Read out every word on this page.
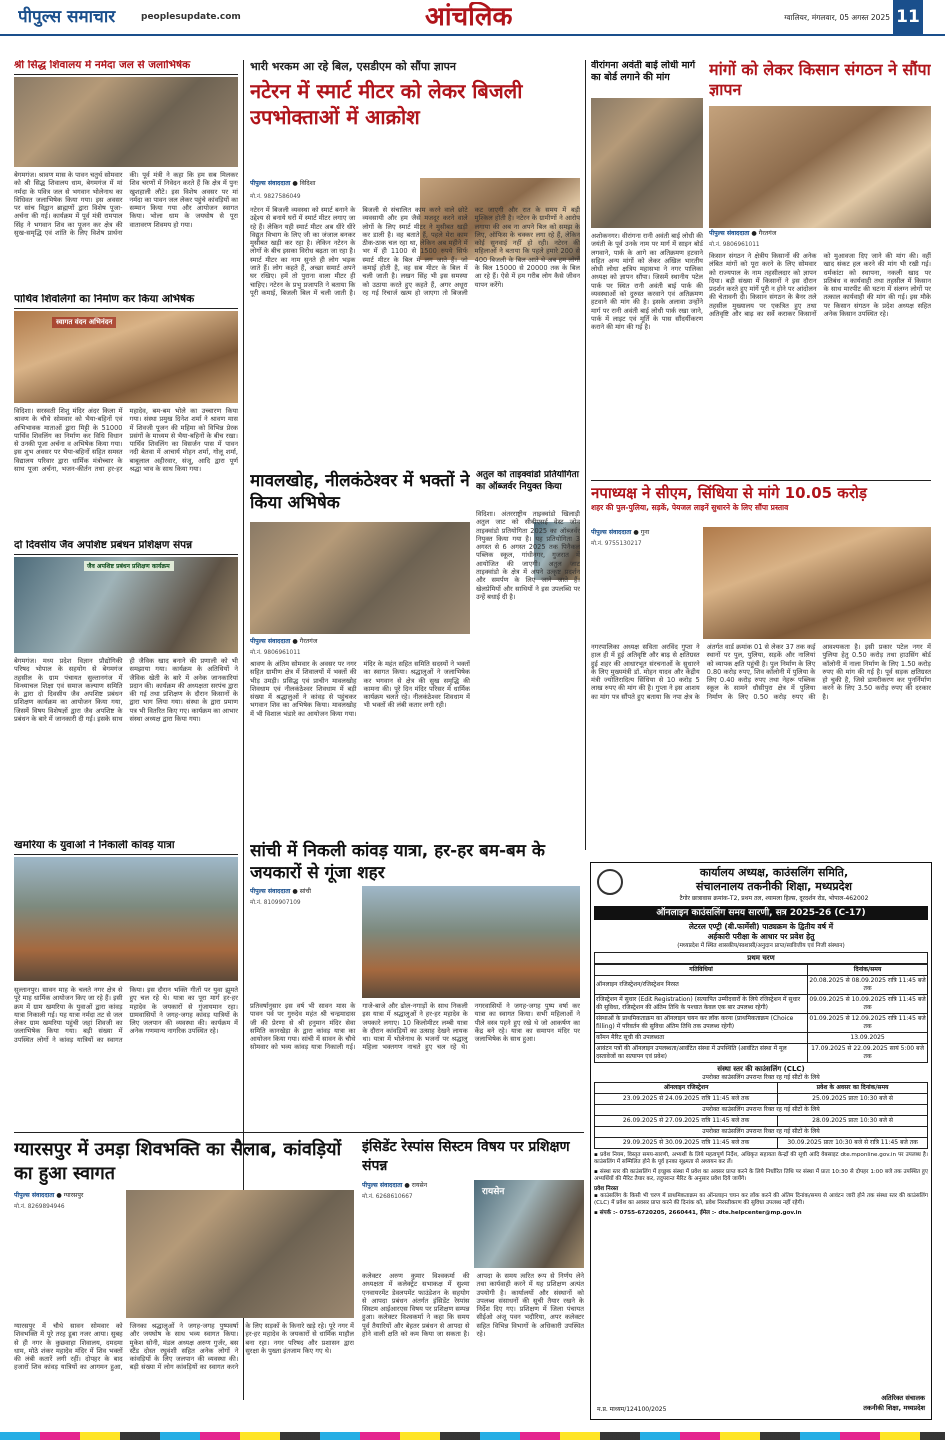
पीपुल्स समाचार	peoplesupdate.com	आंचलिक	ग्वालियर, मंगलवार, 05 अगस्त 2025 11
श्री सिद्ध शिवालय में नर्मदा जल से जलाभिषेक
बेगमगंज। श्रावण मास के पावन चतुर्थ सोमवार को श्री सिद्ध शिवालय धाम, बेगमगंज में मां नर्मदा के पवित्र जल से भगवान भोलेनाथ का विधिवत जलाभिषेक किया गया। इस अवसर पर सांच विद्वान ब्राह्मणों द्वारा विशेष पूजा-अर्चना की गई। कार्यक्रम में पूर्व मंत्री रामपाल सिंह ने भगवान शिव का पूजन कर क्षेत्र की सुख-समृद्धि एवं शांति के लिए विशेष प्रार्थना की। पूर्व मंत्री ने कहा कि हम सब मिलकर शिव चरणों में निवेदन करते हैं कि क्षेत्र में पुनः खुशहाली लौटे। इस विशेष अवसर पर मां नर्मदा का पावन जल लेकर पहुंचे कांवड़ियों का सम्मान किया गया और आयोजन स्वागत किया। भोला धाम के जयघोष से पूरा वातावरण शिवमय हो गया।
पार्थिव शिवलिंगों का निर्माण कर किया अभिषेक
स्वागत वंदन अभिनंदन
विदिशा। सरस्वती शिशु मंदिर अंदर किला में श्रावण के चौथे सोमवार को भैया-बहिनों एवं अभिभावक माताओं द्वारा मिट्टी के 51000 पार्थिव शिवलिंग का निर्माण कर विधि विधान से उनकी पूजा अर्चना व अभिषेक किया गया। इस शुभ अवसर पर भैया-बहिनों सहित समस्त विद्यालय परिवार द्वारा धार्मिक मंत्रोच्चार के साथ पूजा अर्चना, भजन-कीर्तन तथा हर-हर महादेव, बम-बम भोले का उच्चारण किया गया। संस्था प्रमुख दिनेश शर्मा ने श्रावण मास में शिवजी पूजन की महिमा को विभिन्न प्रेरक प्रसंगों के माध्यम से भैया-बहिनों के बीच रखा। पार्थिव शिवलिंग का विसर्जन पास में पावन नदी बेतवा में आचार्य मोहन शर्मा, गोलू शर्मा, बाबूलाल अहीरवार, संजू, आदि द्वारा पूर्ण श्रद्धा भाव के साथ किया गया।
दो दिवसीय जैव अपशिष्ट प्रबंधन प्रशिक्षण संपन्न
जैव अपशिष्ट प्रबंधन प्रशिक्षण कार्यक्रम
बेगमगंज। मध्य प्रदेश विज्ञान प्रौद्योगिकी परिषद भोपाल के सहयोग से बेगमगंज तहसील के ग्राम पंचायत सुल्तानगंज में विन्ध्याचल शिक्षा एवं समाज कल्याण समिति के द्वारा दो दिवसीय जैव अपशिष्ट प्रबंधन प्रशिक्षण कार्यक्रम का आयोजन किया गया, जिसमें विषय विशेषज्ञों द्वारा जैव अपशिष्ट के प्रबंधन के बारे में जानकारी दी गई। इसके साथ ही जैविक खाद बनाने की प्रणाली को भी समझाया गया। कार्यक्रम के अतिथियों ने जैविक खेती के बारे में अनेक जानकारियां प्रदान की। कार्यक्रम की अध्यक्षता सरपंच द्वारा की गई तथा प्रशिक्षण के दौरान किसानों के द्वारा भाग लिया गया। संस्था के द्वारा प्रमाण पत्र भी वितरित किए गए। कार्यक्रम का आभार संस्था अध्यक्ष द्वारा किया गया।
खमरिया के युवाओं ने निकाली कांवड़ यात्रा
सुल्तानपुर। सावन माह के चलते नगर क्षेत्र से पूरे माह धार्मिक आयोजन किए जा रहे हैं। इसी क्रम में ग्राम खमरिया के युवाओं द्वारा कांवड़ यात्रा निकाली गई। यह यात्रा नर्मदा तट से जल लेकर ग्राम खमरिया पहुंची जहां शिवजी का जलाभिषेक किया गया। बड़ी संख्या में उपस्थित लोगों ने कांवड़ यात्रियों का स्वागत किया। इस दौरान भक्ति गीतों पर युवा झूमते हुए चल रहे थे। यात्रा का पूरा मार्ग हर-हर महादेव के जयकारों से गुंजायमान रहा। ग्रामवासियों ने जगह-जगह कांवड़ यात्रियों के लिए जलपान की व्यवस्था की। कार्यक्रम में अनेक गणमान्य नागरिक उपस्थित रहे।
भारी भरकम आ रहे बिल, एसडीएम को सौंपा ज्ञापन
नटेरन में स्मार्ट मीटर को लेकर बिजली उपभोक्ताओं में आक्रोश
पीपुल्स संवाददाता ● विदिशा
मो.नं. 9827586049
नटेरन में बिजली व्यवस्था को स्मार्ट बनाने के उद्देश्य से बनाये घरों में स्मार्ट मीटर लगाए जा रहे हैं। लेकिन यही स्मार्ट मीटर अब धीरे धीरे विद्युत विभाग के लिए जी का जंजाल बनकर मुसीबत खड़ी कर रहा है। लेकिन नटेरन के लोगों के बीच इसका विरोध बढ़ता जा रहा है। स्मार्ट मीटर का नाम सुनते ही लोग भड़क जाते हैं। लोग कहते हैं, अच्छा समार्ट अपने घर रखिए। हमें तो पुराना वाला मीटर ही चाहिए। नटेरन के प्रभु प्रजापति ने बताया कि पूरी कमाई, बिजली बिल में चली जाती है। बिजली से संचालित काम करने वाले छोटे व्यवसायी और हम जैसे मजदूर करने वाले लोगों के लिए स्मार्ट मीटर ने मुसीबत खड़ी कर डाली है। वह बताते हैं, पहले मेरा काम ठीक-ठाक चल रहा था, लेकिन अब महीने में भर में ही 1100 से 1500 रुपये सिर्फ स्मार्ट मीटर के बिल में लग जाते हैं। जो कमाई होती है, वह सब मीटर के बिल में चली जाती है। लखन सिंह भी इस समस्या को उठाया करते हुए कहते हैं, अगर अधूरा रह गई रिचार्ज खत्म हो जाएगा तो बिजली कट जाएगी और रात के समय में बड़ी मुश्किल होती है। नटेरन के ग्रामीणों ने आरोप लगाया की अब ना अपने बिल को समझ के लिए, ऑफिस के चक्कर लगा रहे हैं, लेकिन कोई सुनवाई नहीं हो रही। नटेरन की महिलाओं ने बताया कि पहले हमारे 200 से 400 बिजली के बिल आते थे अब हम लोगों के बिल 15000 से 20000 तक के बिल आ रहे हैं। ऐसे में हम गरीब लोग कैसे जीवन यापन करेंगे।
मावलखोह, नीलकंठेश्वर में भक्तों ने किया अभिषेक
पीपुल्स संवाददाता ● गैरतगंज
मो.नं. 9806961011
श्रावण के अंतिम सोमवार के अवसर पर नगर सहित ग्रामीण क्षेत्र में शिवालयों में भक्तों की भीड़ उमड़ी। प्रसिद्ध एवं प्राचीन मावलखोह शिवधाम एवं नीलकंठेश्वर शिवधाम में बड़ी संख्या में श्रद्धालुओं ने कांवड़ से पहुंचकर भगवान शिव का अभिषेक किया। मावलखोह में भी विशाल भंडारे का आयोजन किया गया। मंदिर के महंत सहित समिति सदस्यों ने भक्तों का स्वागत किया। श्रद्धालुओं ने जलाभिषेक कर भगवान से क्षेत्र की सुख समृद्धि की कामना की। पूरे दिन मंदिर परिसर में धार्मिक कार्यक्रम चलते रहे। नीलकंठेश्वर शिवधाम में भी भक्तों की लंबी कतार लगी रही।
अतुल को ताइक्वांडो प्रतियोगिता का ऑब्जर्वर नियुक्त किया
विदिशा। अंतरराष्ट्रीय ताइक्वांडो खिलाड़ी अतुल जाट को सीबीएसई वेस्ट जोन ताइक्वांडो प्रतियोगिता 2025 का ऑब्जर्वर नियुक्त किया गया है। यह प्रतियोगिता 3 अगस्त से 6 अगस्त 2025 तक पिनैकल पब्लिक स्कूल, गांधीनगर, गुजरात में आयोजित की जाएगी। अतुल जाट ताइक्वांडो के क्षेत्र में अपने उत्कृष्ट प्रदर्शन और समर्पण के लिए जाने जाते हैं। खेलप्रेमियों और साथियों ने इस उपलब्धि पर उन्हें बधाई दी है।
सांची में निकली कांवड़ यात्रा, हर-हर बम-बम के जयकारों से गूंजा शहर
पीपुल्स संवाददाता ● सांची
मो.नं. 8109907109
प्रतिवर्षानुसार इस वर्ष भी सावन मास के पावन पर्व पर गुरुदेव महंत श्री चन्द्रमादास जी की प्रेरणा से श्री हनुमान मंदिर सेवा समिति कानखेड़ा के द्वारा कांवड़ यात्रा का आयोजन किया गया। सांची में सावन के चौथे सोमवार को भव्य कांवड़ यात्रा निकाली गई। गाजे-बाजे और ढोल-नगाड़ों के साथ निकली इस यात्रा में श्रद्धालुओं ने हर-हर महादेव के जयकारे लगाए। 10 किलोमीटर लम्बी यात्रा के दौरान कांवड़ियों का उत्साह देखने लायक था। यात्रा में भोलेनाथ के भजनों पर श्रद्धालु महिला भक्तगण नाचते हुए चल रहे थे। नगरवासियों ने जगह-जगह पुष्प वर्षा कर यात्रा का स्वागत किया। सभी महिलाओं ने पीले वस्त्र पहने हुए रखे थे जो आकर्षण का केंद्र बने रहे। यात्रा का समापन मंदिर पर जलाभिषेक के साथ हुआ।
वीरांगना अवंती बाई लोधी मार्ग का बोर्ड लगाने की मांग
अशोकनगर। वीरांगना रानी अवंती बाई लोधी की जयंती के पूर्व उनके नाम पर मार्ग में साइन बोर्ड लगवाने, पार्क के आगे का अतिक्रमण हटवाने सहित अन्य मांगों को लेकर अखिल भारतीय लोधी लोधा क्षत्रिय महासभा ने नगर पालिका अध्यक्ष को ज्ञापन सौंपा। जिसमें स्थानीय पटेल पार्क पर स्थित रानी अवंती बाई पार्क की व्यवस्थाओं को दुरुस्त करवाने एवं अतिक्रमण हटवाने की मांग की है। इसके अलावा उन्होंने मार्ग पर रानी अवंती बाई लोधी पार्क रखा जाने, पार्क में लाइट एवं मूर्ति के पास सौंदर्यीकरण कराने की मांग की गई है।
मांगों को लेकर किसान संगठन ने सौंपा ज्ञापन
पीपुल्स संवाददाता ● गैरतगंज
मो.नं. 9806961011
किसान संगठन ने क्षेत्रीय किसानों की अनेक लंबित मांगों को पूरा करने के लिए सोमवार को राज्यपाल के नाम तहसीलदार को ज्ञापन दिया। बड़ी संख्या में किसानों ने इस दौरान प्रदर्शन करते हुए मांगें पूरी न होने पर आंदोलन की चेतावनी दी। किसान संगठन के बैनर तले तहसील मुख्यालय पर एकत्रित हुए तथा अतिवृष्टि और बाढ़ का सर्वे कराकर किसानों को मुआवजा दिए जाने की मांग की। वहीं खाद संकट हल करने की मांग भी रखी गई। धर्मकांटा को स्थापना, नकली खाद पर प्रतिबंध व कार्यवाही तथा तहसील में किसान के साथ मारपीट की घटना में संलग्न लोगों पर तत्काल कार्यवाही की मांग की गई। इस मौके पर किसान संगठन के प्रदेश अध्यक्ष सहित अनेक किसान उपस्थित रहे।
नपाध्यक्ष ने सीएम, सिंधिया से मांगे 10.05 करोड़
शहर की पुल-पुलिया, सड़कें, पेयजल लाइनें सुधारने के लिए सौंपा प्रस्ताव
पीपुल्स संवाददाता ● गुना
मो.नं. 9755130217
नगरपालिका अध्यक्ष सविता अरविंद गुप्ता ने हाल ही में हुई अतिवृष्टि और बाढ़ से क्षतिग्रस्त हुई शहर की आधारभूत संरचनाओं के सुधारने के लिए मुख्यमंत्री डॉ. मोहन यादव और केंद्रीय मंत्री ज्योतिरादित्य सिंधिया से 10 करोड़ 5 लाख रुपए की मांग की है। गुप्ता ने इस आशय का मांग पत्र सौंपते हुए बताया कि नपा क्षेत्र के अंतर्गत वार्ड क्रमांक 01 से लेकर 37 तक कई स्थानों पर पुल, पुलिया, सड़कें और नालियां को व्यापक क्षति पहुंची है। पुल निर्माण के लिए 0.80 करोड़ रुपए, शिव कॉलोनी में पुलिया के लिए 0.40 करोड़ रुपए तथा नेहरू पब्लिक स्कूल के सामने धौसीपुरा क्षेत्र में पुलिया निर्माण के लिए 0.50 करोड़ रुपए की आवश्यकता है। इसी प्रकार पटेल नगर में पुलिया हेतु 0.50 करोड़ तथा हाउसिंग बोर्ड कॉलोनी में नाला निर्माण के लिए 1.50 करोड़ रुपए की मांग की गई है। पूर्व सड़क क्षतिग्रस्त हो चुकी है, जिसे डामरीकरण कर पुनर्निर्माण करने के लिए 3.50 करोड़ रुपए की दरकार है।
ग्यारसपुर में उमड़ा शिवभक्ति का सैलाब, कांवड़ियों का हुआ स्वागत
पीपुल्स संवाददाता ● ग्यारसपुर
मो.नं. 8269894946
ग्यारसपुर में चौथे सावन सोमवार को शिवभक्ति में पूरे तरह डूबा नजर आया। सुबह से ही नगर के कुछवाहा शिवालय, दमदमा धाम, मोठे शंकर महादेव मंदिर में शिव भक्तों की लंबी कतारें लगी रहीं। दोपहर के बाद हजारों शिव कांवड़ यात्रियों का आगमन हुआ, जिनका श्रद्धालुओं ने जगह-जगह पुष्पवर्षा और जयघोष के साथ भव्य स्वागत किया। मुकेश सोनी, मंडल अध्यक्ष अरुण गुर्जर, बस स्टैंड दोस्त रघुवंशी सहित अनेक लोगों ने कांवड़ियों के लिए जलपान की व्यवस्था की। बड़ी संख्या में लोग कांवड़ियों का स्वागत करने के लिए सड़कों के किनारे खड़े रहे। पूरे नगर में हर-हर महादेव के जयकारों से धार्मिक माहौल बना रहा। नगर परिषद और प्रशासन द्वारा सुरक्षा के पुख्ता इंतजाम किए गए थे।
इंसिडेंट रेस्पांस सिस्टम विषय पर प्रशिक्षण संपन्न
पीपुल्स संवाददाता ● रायसेन
मो.नं. 6268610667	रायसेन
कलेक्टर अरुण कुमार विश्वकर्मा की अध्यक्षता में कलेक्ट्रेट सभाकक्ष में सुश्मा एनवायरमेंट डेवलपमेंट फाउंडेशन के सहयोग से आपदा प्रबंधन अंतर्गत इंसिडेंट रेस्पांस सिस्टम आईआरएस विषय पर प्रशिक्षण सम्पन्न हुआ। कलेक्टर विश्वकर्मा ने कहा कि समय पूर्व तैयारियों और बेहतर प्रबंधन से आपदा से होने वाली क्षति को कम किया जा सकता है। आपदा के समय त्वरित रूप से निर्णय लेने तथा कार्यवाही करने में यह प्रशिक्षण अत्यंत उपयोगी है। कार्यालयों और संस्थानों को उपलब्ध संसाधनों की सूची तैयार रखने के निर्देश दिए गए। प्रशिक्षण में जिला पंचायत सीईओ अंजू पवन भदौरिया, अपर कलेक्टर सहित विभिन्न विभागों के अधिकारी उपस्थित रहे।
कार्यालय अध्यक्ष, काउंसलिंग समिति,
संचालनालय तकनीकी शिक्षा, मध्यप्रदेश
टैगोर छात्रावास क्रमांक-T2, प्रथम तल, श्यामला हिल्स, दूरदर्शन रोड, भोपाल-462002
ऑनलाइन काउंसलिंग समय सारणी, सत्र 2025-26 (C-17)
लेटरल एण्ट्री (बी.फार्मेसी) पाठ्यक्रम के द्वितीय वर्ष में
अर्हकारी परीक्षा के आधार पर प्रवेश हेतु
(मध्यप्रदेश में स्थित शासकीय/स्वशासी/अनुदान प्राप्त/स्ववित्तीय एवं निजी संस्थान)
प्रथम चरण
गतिविधियां	दिनांक/समय
ऑनलाइन रजिस्ट्रेशन/रजिस्ट्रेशन निरस्त	20.08.2025 से 08.09.2025 रात्रि 11:45 बजे तक
रजिस्ट्रेशन में सुधार (Edit Registration) (सत्यापित उम्मीदवारों के लिये रजिस्ट्रेशन में सुधार की सुविधा, रजिस्ट्रेशन की अंतिम तिथि के पश्चात केवल एक बार उपलब्ध रहेगी)	09.09.2025 से 10.09.2025 रात्रि 11:45 बजे तक
संस्थाओं के प्राथमिकताक्रम का ऑनलाइन चयन कर लॉक करना (प्राथमिकताक्रम (Choice filling) में परिवर्तन की सुविधा अंतिम तिथि तक उपलब्ध रहेगी)	01.09.2025 से 12.09.2025 रात्रि 11:45 बजे तक
कॉमन मैरिट सूची की उपलब्धता	13.09.2025
आवंटन पत्रों की ऑनलाइन उपलब्धता/आवंटित संस्था में उपस्थिति (आवंटित संस्था में मूल दस्तावेजों का सत्यापन एवं प्रवेश)	17.09.2025 से 22.09.2025 सायं 5:00 बजे तक
संस्था स्तर की काउंसलिंग (CLC)
उपरोक्त काउंसलिंग उपरान्त रिक्त रह गई सीटों के लिये
ऑनलाइन रजिस्ट्रेशन	प्रवेश के अवसर का दिनांक/समय
23.09.2025 से 24.09.2025 रात्रि 11:45 बजे तक	25.09.2025 प्रातः 10:30 बजे से
उपरोक्त काउंसलिंग उपरान्त रिक्त रह गई सीटों के लिये	
26.09.2025 से 27.09.2025 रात्रि 11:45 बजे तक	28.09.2025 प्रातः 10:30 बजे से
उपरोक्त काउंसलिंग उपरान्त रिक्त रह गई सीटों के लिये	
29.09.2025 से 30.09.2025 रात्रि 11:45 बजे तक	30.09.2025 प्रातः 10:30 बजे से रात्रि 11:45 बजे तक
▪ प्रवेश नियम, विस्तृत समय-सारणी, अभ्यर्थी के लिये महत्वपूर्ण निर्देश, अधिकृत सहायता केन्द्रों की सूची आदि वेबसाइट dte.mponline.gov.in पर उपलब्ध है। काउंसलिंग में सम्मिलित होने के पूर्व इनका सूक्ष्मता से अध्ययन कर लें।
▪ संस्था स्तर की काउंसलिंग में इच्छुक संस्था में प्रवेश का अवसर प्राप्त करने के लिये निर्धारित तिथि पर संस्था में प्रातः 10:30 से दोपहर 1:00 बजे तक उपस्थित हुए अभ्यर्थियों की मैरिट तैयार कर, तदुपरान्त मैरिट के अनुसार प्रवेश दिये जायेंगे।
प्रवेश निरस्त
▪ काउंसलिंग के किसी भी चरण में प्राथमिकताक्रम का ऑनलाइन चयन कर लॉक करने की अंतिम दिनांक/समय से आवंटन जारी होने तक संस्था स्तर की काउंसलिंग (CLC) में प्रवेश का अवसर प्राप्त करने की दिनांक को, प्रवेश निरस्तीकरण की सुविधा उपलब्ध नहीं रहेगी।
▪ संपर्क :- 0755-6720205, 2660441, ईमेल :- dte.helpcenter@mp.gov.in
अतिरिक्त संचालक
तकनीकी शिक्षा, मध्यप्रदेश
म.प्र. माध्यम/124100/2025
